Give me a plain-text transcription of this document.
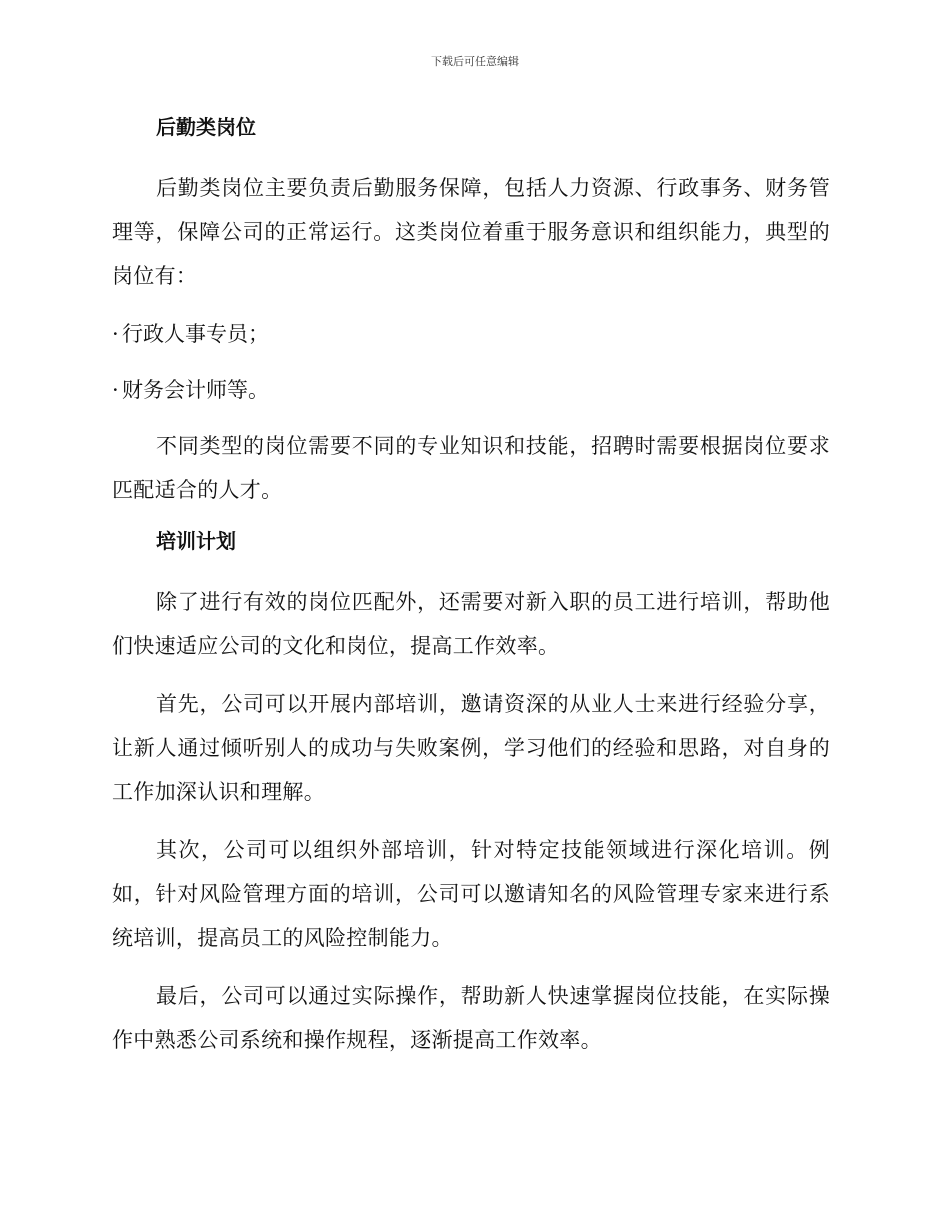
下载后可任意编辑
后勤类岗位

后勤类岗位主要负责后勤服务保障，包括人力资源、行政事务、财务管理等，保障公司的正常运行。这类岗位着重于服务意识和组织能力，典型的岗位有：

· 行政人事专员；
· 财务会计师等。

不同类型的岗位需要不同的专业知识和技能，招聘时需要根据岗位要求匹配适合的人才。

培训计划

除了进行有效的岗位匹配外，还需要对新入职的员工进行培训，帮助他们快速适应公司的文化和岗位，提高工作效率。

首先，公司可以开展内部培训，邀请资深的从业人士来进行经验分享，让新人通过倾听别人的成功与失败案例，学习他们的经验和思路，对自身的工作加深认识和理解。

其次，公司可以组织外部培训，针对特定技能领域进行深化培训。例如，针对风险管理方面的培训，公司可以邀请知名的风险管理专家来进行系统培训，提高员工的风险控制能力。

最后，公司可以通过实际操作，帮助新人快速掌握岗位技能，在实际操作中熟悉公司系统和操作规程，逐渐提高工作效率。
